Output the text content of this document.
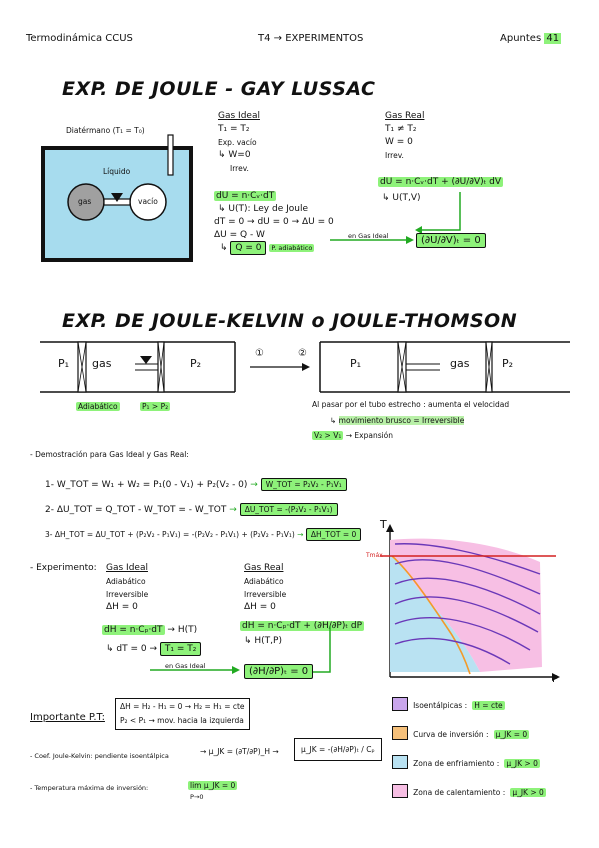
Termodinámica CCUS	T4 → EXPERIMENTOS	Apuntes 41
EXP. DE JOULE - GAY LUSSAC
Diatérmano (T₁ = T₀)
Líquido
gas	vacío
Gas Ideal
T₁ = T₂
Exp. vacío
↳ W=0
Irrev.
dU = n·Cᵥ·dT
↳ U(T): Ley de Joule
dT = 0 → dU = 0 → ΔU = 0
ΔU = Q - W
↳ Q = 0 P. adiabático
Gas Real
T₁ ≠ T₂
W = 0
Irrev.
dU = n·Cᵥ·dT + (∂U/∂V)ₜ dV
↳ U(T,V)
en Gas Ideal	(∂U/∂V)ₜ = 0
EXP. DE JOULE-KELVIN o JOULE-THOMSON
P₁ gas	P₂
①	②
P₁	gas	P₂
Adiabático	P₁ > P₂	Al pasar por el tubo estrecho : aumenta el velocidad
↳ movimiento brusco = Irreversible
V₂ > V₁ → Expansión
- Demostración para Gas Ideal y Gas Real:
1- W_TOT = W₁ + W₂ = P₁(0 - V₁) + P₂(V₂ - 0) → W_TOT = P₂V₂ - P₁V₁
2- ΔU_TOT = Q_TOT - W_TOT = - W_TOT → ΔU_TOT = -(P₂V₂ - P₁V₁)
3- ΔH_TOT = ΔU_TOT + (P₂V₂ - P₁V₁) = -(P₂V₂ - P₁V₁) + (P₂V₂ - P₁V₁) → ΔH_TOT = 0
- Experimento: Gas Ideal
Adiabático
Irreversible
ΔH = 0
dH = n·Cₚ·dT → H(T)
↳ dT = 0 → T₁ = T₂
en Gas Ideal
Gas Real
Adiabático
Irreversible
ΔH = 0
dH = n·Cₚ·dT + (∂H/∂P)ₜ dP
↳ H(T,P)
(∂H/∂P)ₜ = 0
Importante P.T:
ΔH = H₂ - H₁ = 0 → H₂ = H₁ = cte
P₂ < P₁ → mov. hacia la izquierda
- Coef. Joule-Kelvin: pendiente isoentálpica	→ μ_JK = (∂T/∂P)_H →	μ_JK = -(∂H/∂P)ₜ / Cₚ
- Temperatura máxima de inversión:	lim μ_JK = 0
P→0
T
P
Tmáx
Isoentálpicas : H = cte
Curva de inversión : μ_JK = 0
Zona de enfriamiento : μ_JK > 0
Zona de calentamiento : μ_JK > 0
